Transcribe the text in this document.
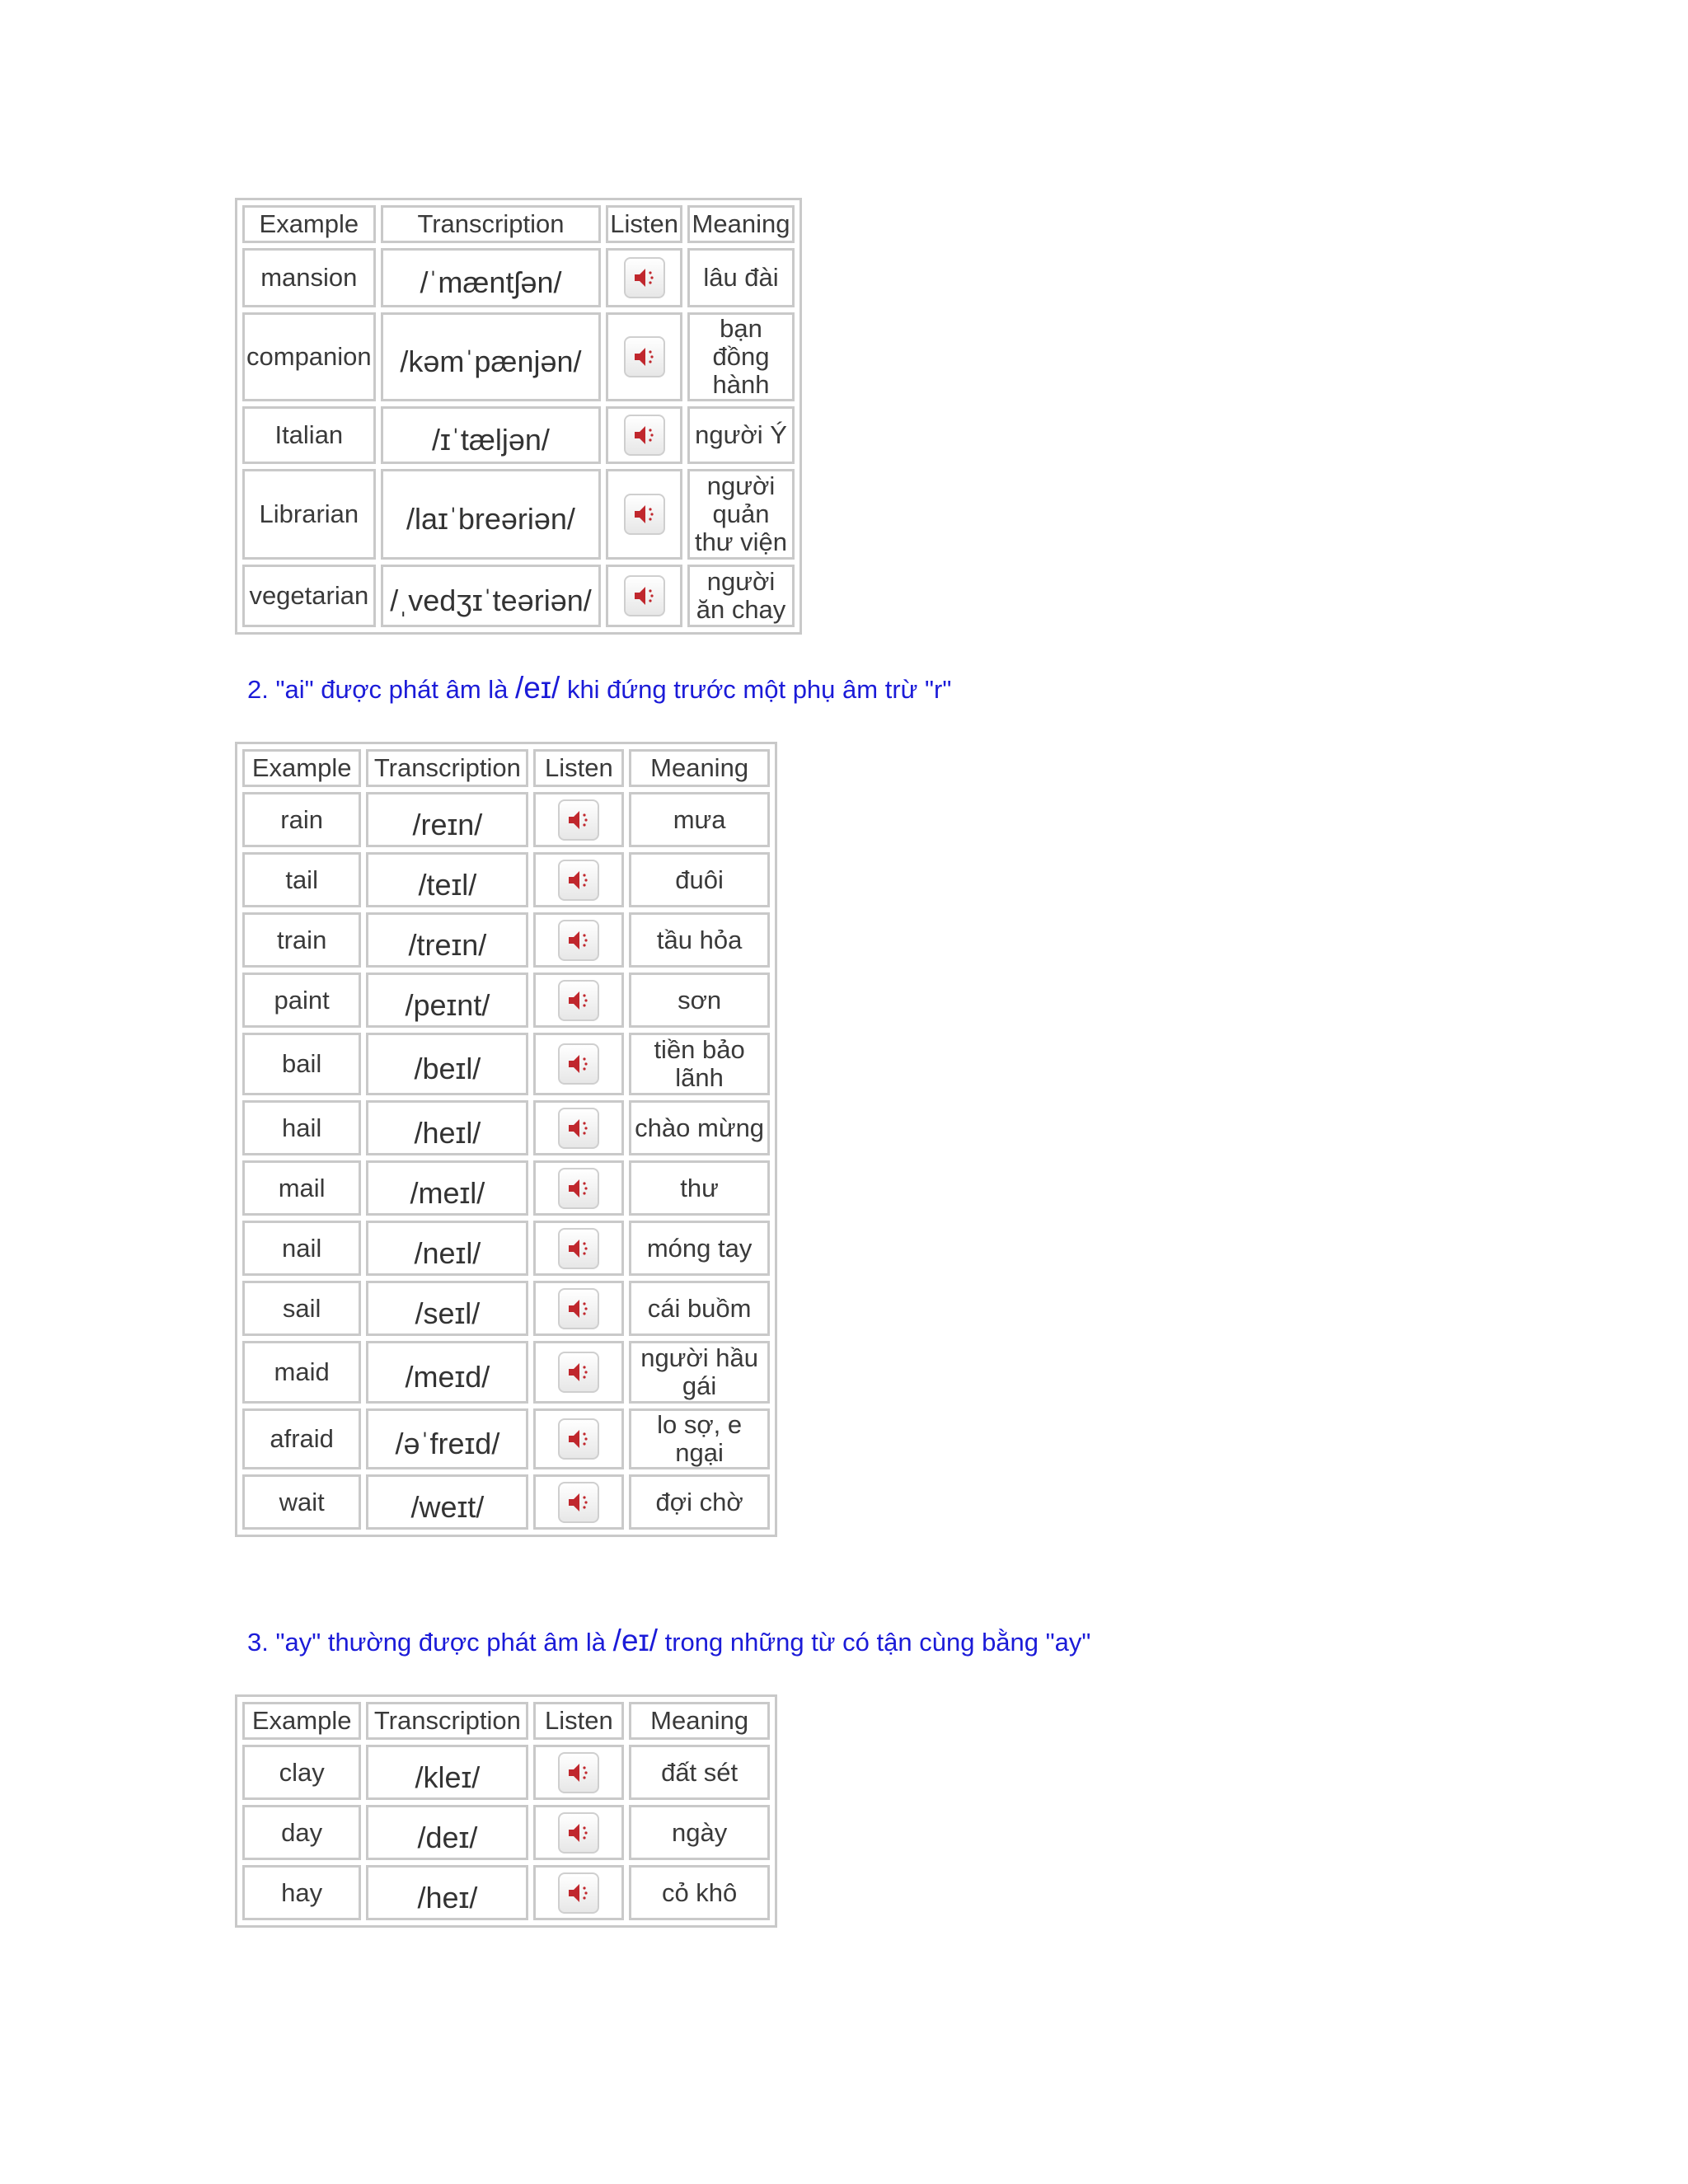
Example	Transcription	Listen	Meaning
mansion	/ˈmæntʃən/		lâu đài
companion	/kəmˈpænjən/		bạn đồng hành
Italian	/ɪˈtæljən/		người Ý
Librarian	/laɪˈbreəriən/		người quản thư viện
vegetarian	/ˌvedʒɪˈteəriən/		người ăn chay

2. "ai" được phát âm là /eɪ/ khi đứng trước một phụ âm trừ "r"

Example	Transcription	Listen	Meaning
rain	/reɪn/		mưa
tail	/teɪl/		đuôi
train	/treɪn/		tầu hỏa
paint	/peɪnt/		sơn
bail	/beɪl/		tiền bảo lãnh
hail	/heɪl/		chào mừng
mail	/meɪl/		thư
nail	/neɪl/		móng tay
sail	/seɪl/		cái buồm
maid	/meɪd/		người hầu gái
afraid	/əˈfreɪd/		lo sợ, e ngại
wait	/weɪt/		đợi chờ

3. "ay" thường được phát âm là /eɪ/ trong những từ có tận cùng bằng "ay"

Example	Transcription	Listen	Meaning
clay	/kleɪ/		đất sét
day	/deɪ/		ngày
hay	/heɪ/		cỏ khô
